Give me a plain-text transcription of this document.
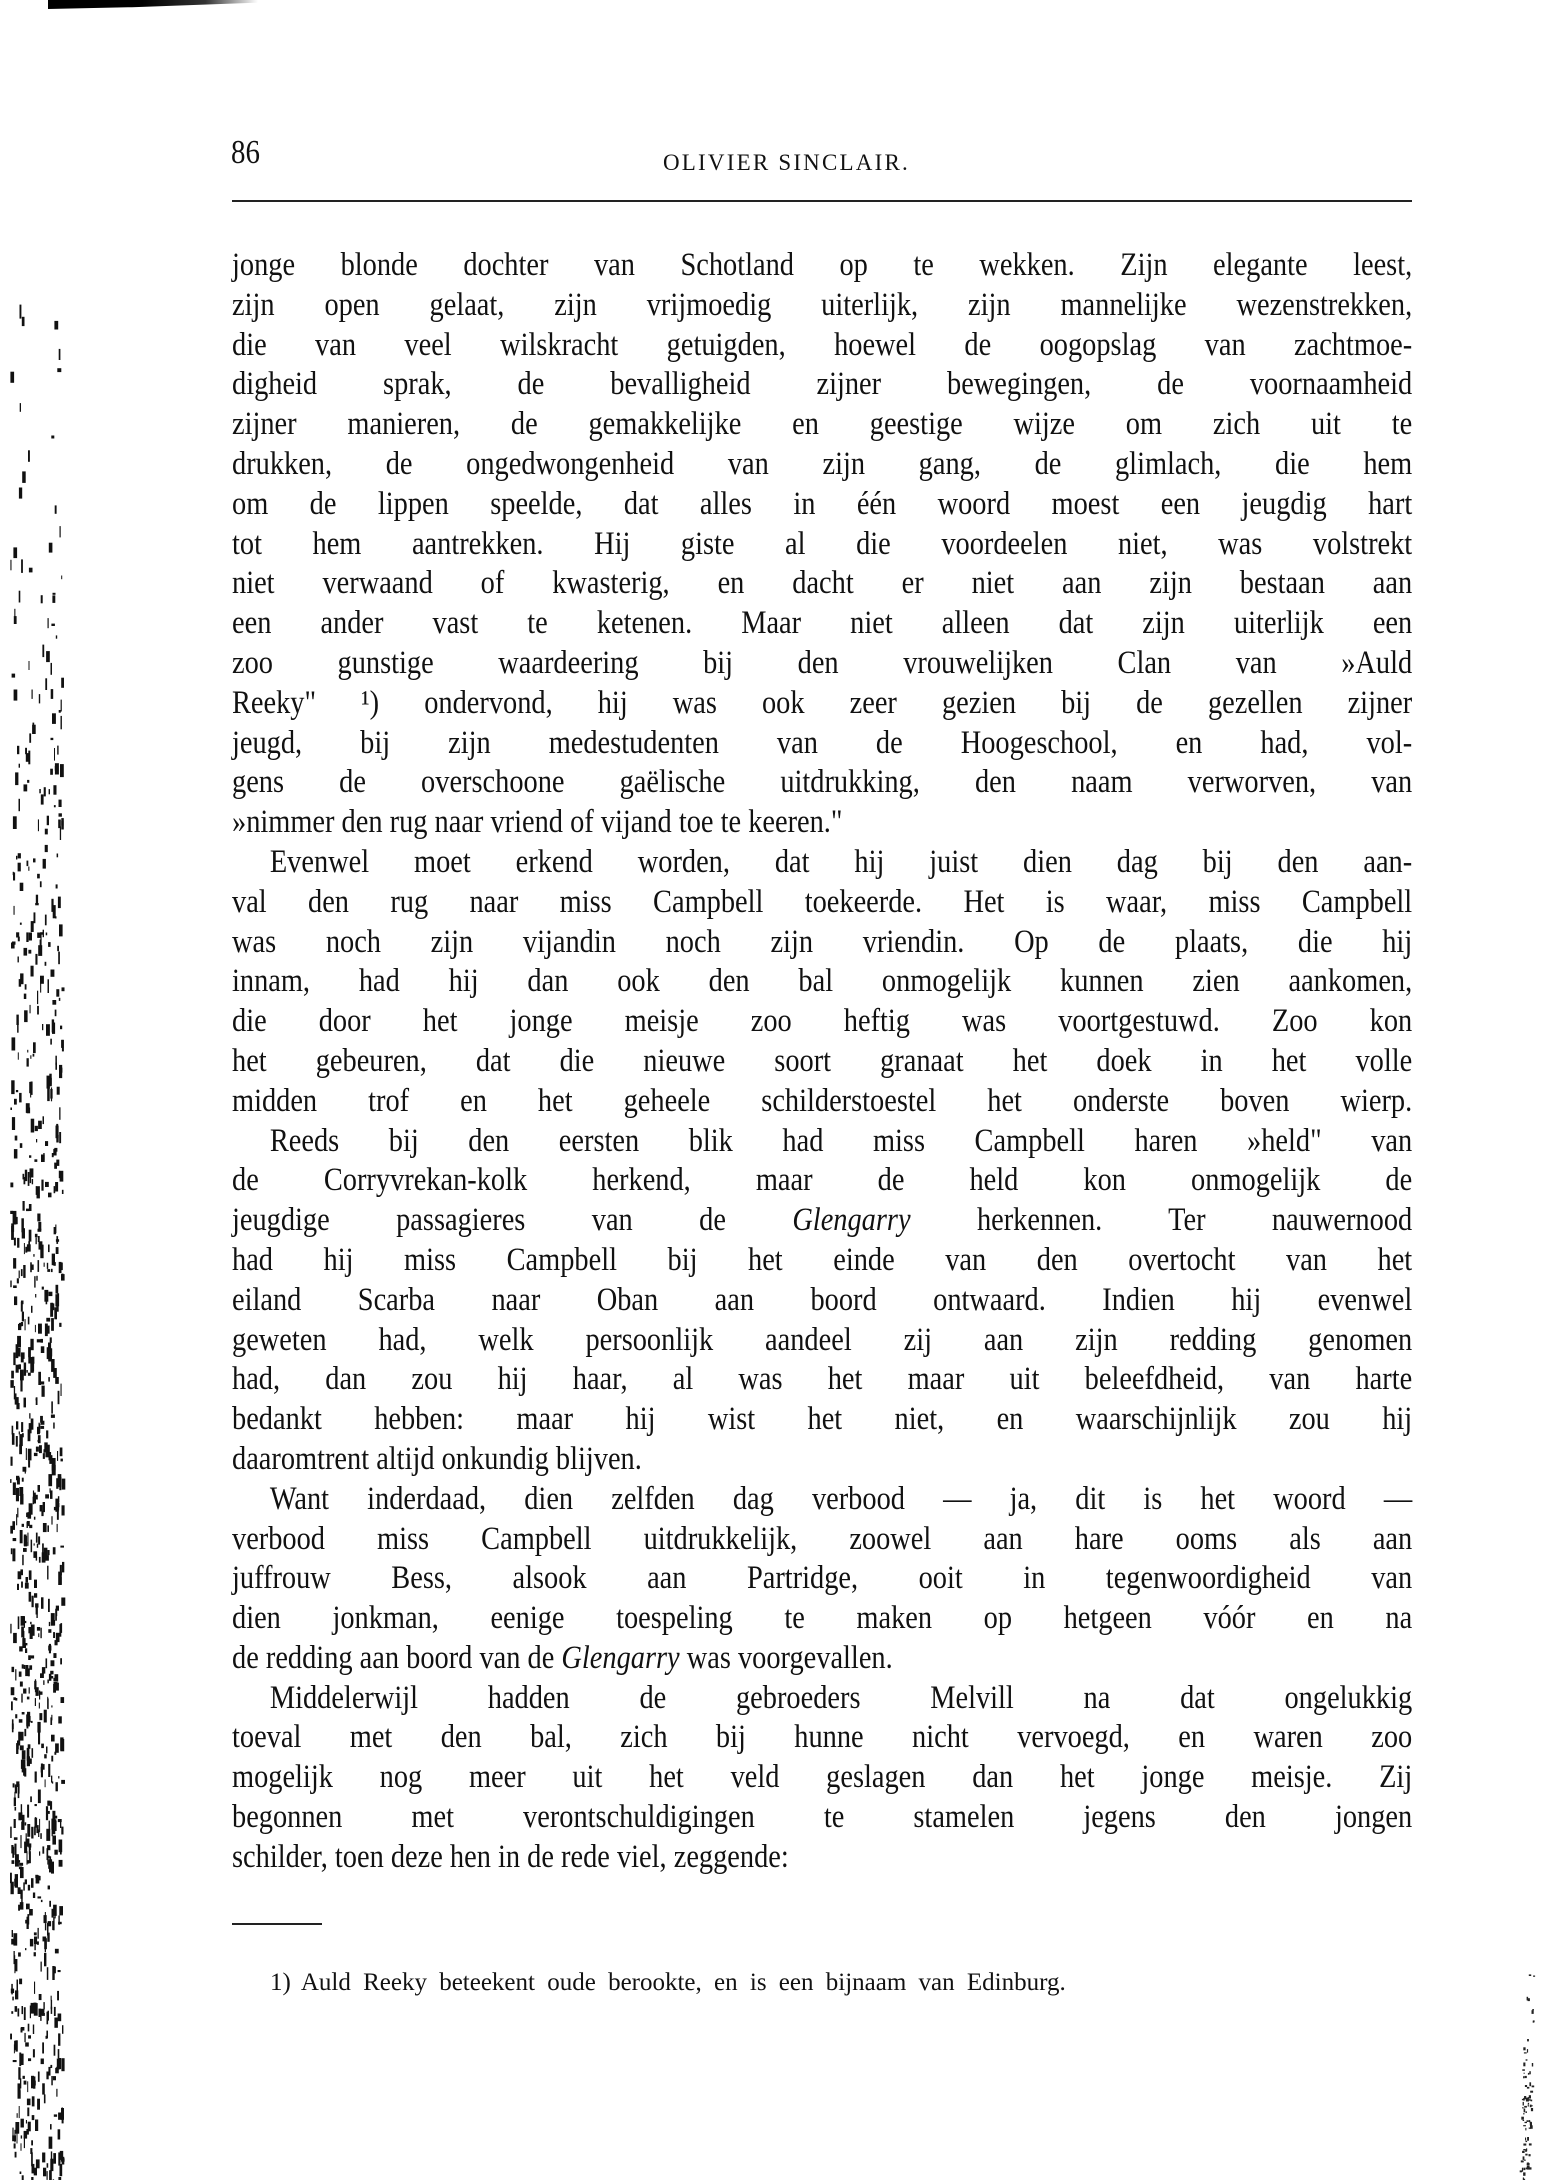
86	OLIVIER SINCLAIR.
jonge blonde dochter van Schotland op te wekken. Zijn elegante leest,
zijn open gelaat, zijn vrijmoedig uiterlijk, zijn mannelijke wezenstrekken,
die van veel wilskracht getuigden, hoewel de oogopslag van zachtmoe-
digheid sprak, de bevalligheid zijner bewegingen, de voornaamheid
zijner manieren, de gemakkelijke en geestige wijze om zich uit te
drukken, de ongedwongenheid van zijn gang, de glimlach, die hem
om de lippen speelde, dat alles in één woord moest een jeugdig hart
tot hem aantrekken. Hij giste al die voordeelen niet, was volstrekt
niet verwaand of kwasterig, en dacht er niet aan zijn bestaan aan
een ander vast te ketenen. Maar niet alleen dat zijn uiterlijk een
zoo gunstige waardeering bij den vrouwelijken Clan van »Auld
Reeky" ¹) ondervond, hij was ook zeer gezien bij de gezellen zijner
jeugd, bij zijn medestudenten van de Hoogeschool, en had, vol-
gens de overschoone gaëlische uitdrukking, den naam verworven, van
»nimmer den rug naar vriend of vijand toe te keeren."
Evenwel moet erkend worden, dat hij juist dien dag bij den aan-
val den rug naar miss Campbell toekeerde. Het is waar, miss Campbell
was noch zijn vijandin noch zijn vriendin. Op de plaats, die hij
innam, had hij dan ook den bal onmogelijk kunnen zien aankomen,
die door het jonge meisje zoo heftig was voortgestuwd. Zoo kon
het gebeuren, dat die nieuwe soort granaat het doek in het volle
midden trof en het geheele schilderstoestel het onderste boven wierp.
Reeds bij den eersten blik had miss Campbell haren »held" van
de Corryvrekan-kolk herkend, maar de held kon onmogelijk de
jeugdige passagieres van de Glengarry herkennen. Ter nauwernood
had hij miss Campbell bij het einde van den overtocht van het
eiland Scarba naar Oban aan boord ontwaard. Indien hij evenwel
geweten had, welk persoonlijk aandeel zij aan zijn redding genomen
had, dan zou hij haar, al was het maar uit beleefdheid, van harte
bedankt hebben: maar hij wist het niet, en waarschijnlijk zou hij
daaromtrent altijd onkundig blijven.
Want inderdaad, dien zelfden dag verbood — ja, dit is het woord —
verbood miss Campbell uitdrukkelijk, zoowel aan hare ooms als aan
juffrouw Bess, alsook aan Partridge, ooit in tegenwoordigheid van
dien jonkman, eenige toespeling te maken op hetgeen vóór en na
de redding aan boord van de Glengarry was voorgevallen.
Middelerwijl hadden de gebroeders Melvill na dat ongelukkig
toeval met den bal, zich bij hunne nicht vervoegd, en waren zoo
mogelijk nog meer uit het veld geslagen dan het jonge meisje. Zij
begonnen met verontschuldigingen te stamelen jegens den jongen
schilder, toen deze hen in de rede viel, zeggende:
1) Auld Reeky beteekent oude berookte, en is een bijnaam van Edinburg.
